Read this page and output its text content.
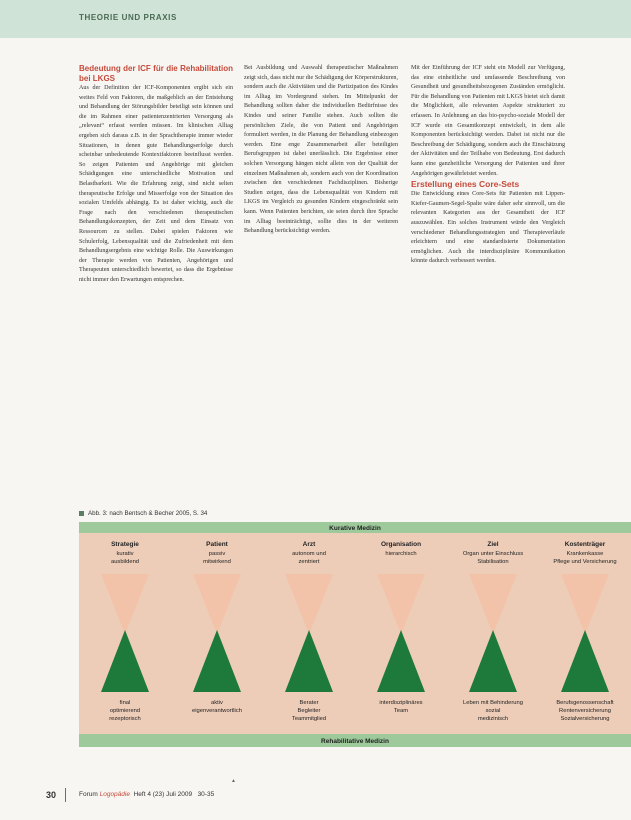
THEORIE UND PRAXIS

Bedeutung der ICF für die Rehabilitation bei LKGS

Aus der Definition der ICF-Komponenten ergibt sich ein weites Feld von Faktoren, die maßgeblich an der Entstehung und Behandlung der Störungsbilder beteiligt sein können und die im Rahmen einer patientenzentrierten Versorgung als „relevant“ erfasst werden müssen. Im klinischen Alltag ergeben sich daraus z.B. in der Sprachtherapie immer wieder Situationen, in denen gute Behandlungserfolge durch scheinbar unbedeutende Kontextfaktoren beeinflusst werden. So zeigen Patienten und Angehörige mit gleichen Schädigungen eine unterschiedliche Motivation und Belastbarkeit. Wie die Erfahrung zeigt, sind nicht selten therapeutische Erfolge und Misserfolge von der Situation des sozialen Umfelds abhängig. Es ist daher wichtig, auch die Frage nach den verschiedenen therapeutischen Behandlungskonzepten, der Zeit und dem Einsatz von Ressourcen zu stellen. Dabei spielen Faktoren wie Schulerfolg, Lebensqualität und die Zufriedenheit mit dem Behandlungsergebnis eine wichtige Rolle. Die Auswirkungen der Therapie werden von Patienten, Angehörigen und Therapeuten unterschiedlich bewertet, so dass die Ergebnisse nicht immer den Erwartungen entsprechen.

Bei Ausbildung und Auswahl therapeutischer Maßnahmen zeigt sich, dass nicht nur die Schädigung der Körperstrukturen, sondern auch die Aktivitäten und die Partizipation des Kindes im Alltag im Vordergrund stehen. Im Mittelpunkt der Behandlung sollten daher die individuellen Bedürfnisse des Kindes und seiner Familie stehen. Auch sollten die persönlichen Ziele, die von Patient und Angehörigen formuliert werden, in die Planung der Behandlung einbezogen werden. Eine enge Zusammenarbeit aller beteiligten Berufsgruppen ist dabei unerlässlich. Die Ergebnisse einer solchen Versorgung hängen nicht allein von der Qualität der einzelnen Maßnahmen ab, sondern auch von der Koordination zwischen den verschiedenen Fachdisziplinen. Bisherige Studien zeigen, dass die Lebensqualität von Kindern mit LKGS im Vergleich zu gesunden Kindern eingeschränkt sein kann. Wenn Patienten berichten, sie seien durch ihre Sprache im Alltag beeinträchtigt, sollte dies in der weiteren Behandlung berücksichtigt werden.

Mit der Einführung der ICF steht ein Modell zur Verfügung, das eine einheitliche und umfassende Beschreibung von Gesundheit und gesundheitsbezogenen Zuständen ermöglicht. Für die Behandlung von Patienten mit LKGS bietet sich damit die Möglichkeit, alle relevanten Aspekte strukturiert zu erfassen. In Anlehnung an das bio-psycho-soziale Modell der ICF wurde ein Gesamtkonzept entwickelt, in dem alle Komponenten berücksichtigt werden. Dabei ist nicht nur die Beschreibung der Schädigung, sondern auch die Einschätzung der Aktivitäten und der Teilhabe von Bedeutung. Erst dadurch kann eine ganzheitliche Versorgung der Patienten und ihrer Angehörigen gewährleistet werden.

Erstellung eines Core-Sets

Die Entwicklung eines Core-Sets für Patienten mit Lippen-Kiefer-Gaumen-Segel-Spalte wäre daher sehr sinnvoll, um die relevanten Kategorien aus der Gesamtheit der ICF auszuwählen. Ein solches Instrument würde den Vergleich verschiedener Behandlungsstrategien und Therapieverläufe erleichtern und eine standardisierte Dokumentation ermöglichen. Auch die interdisziplinäre Kommunikation könnte dadurch verbessert werden.

Abb. 3: nach Bentsch & Becher 2005, S. 34
Kurative Medizin
Rehabilitative Medizin
Strategie
kurativ
ausbildend
final
optimierend
rezeptorisch
Patient
passiv
mitwirkend
aktiv
eigenverantwortlich
Arzt
autonom und
zentriert
Berater
Begleiter
Teammitglied
Organisation
hierarchisch
interdisziplinäres
Team
Ziel
Organ unter Einschluss
Stabilisation
Leben mit Behinderung
sozial
medizinisch
Kostenträger
Krankenkasse
Pflege und Versicherung
Berufsgenossenschaft
Rentenversicherung
Sozialversicherung
▲
30	Forum Logopädie Heft 4 (23) Juli 2009 30-35
